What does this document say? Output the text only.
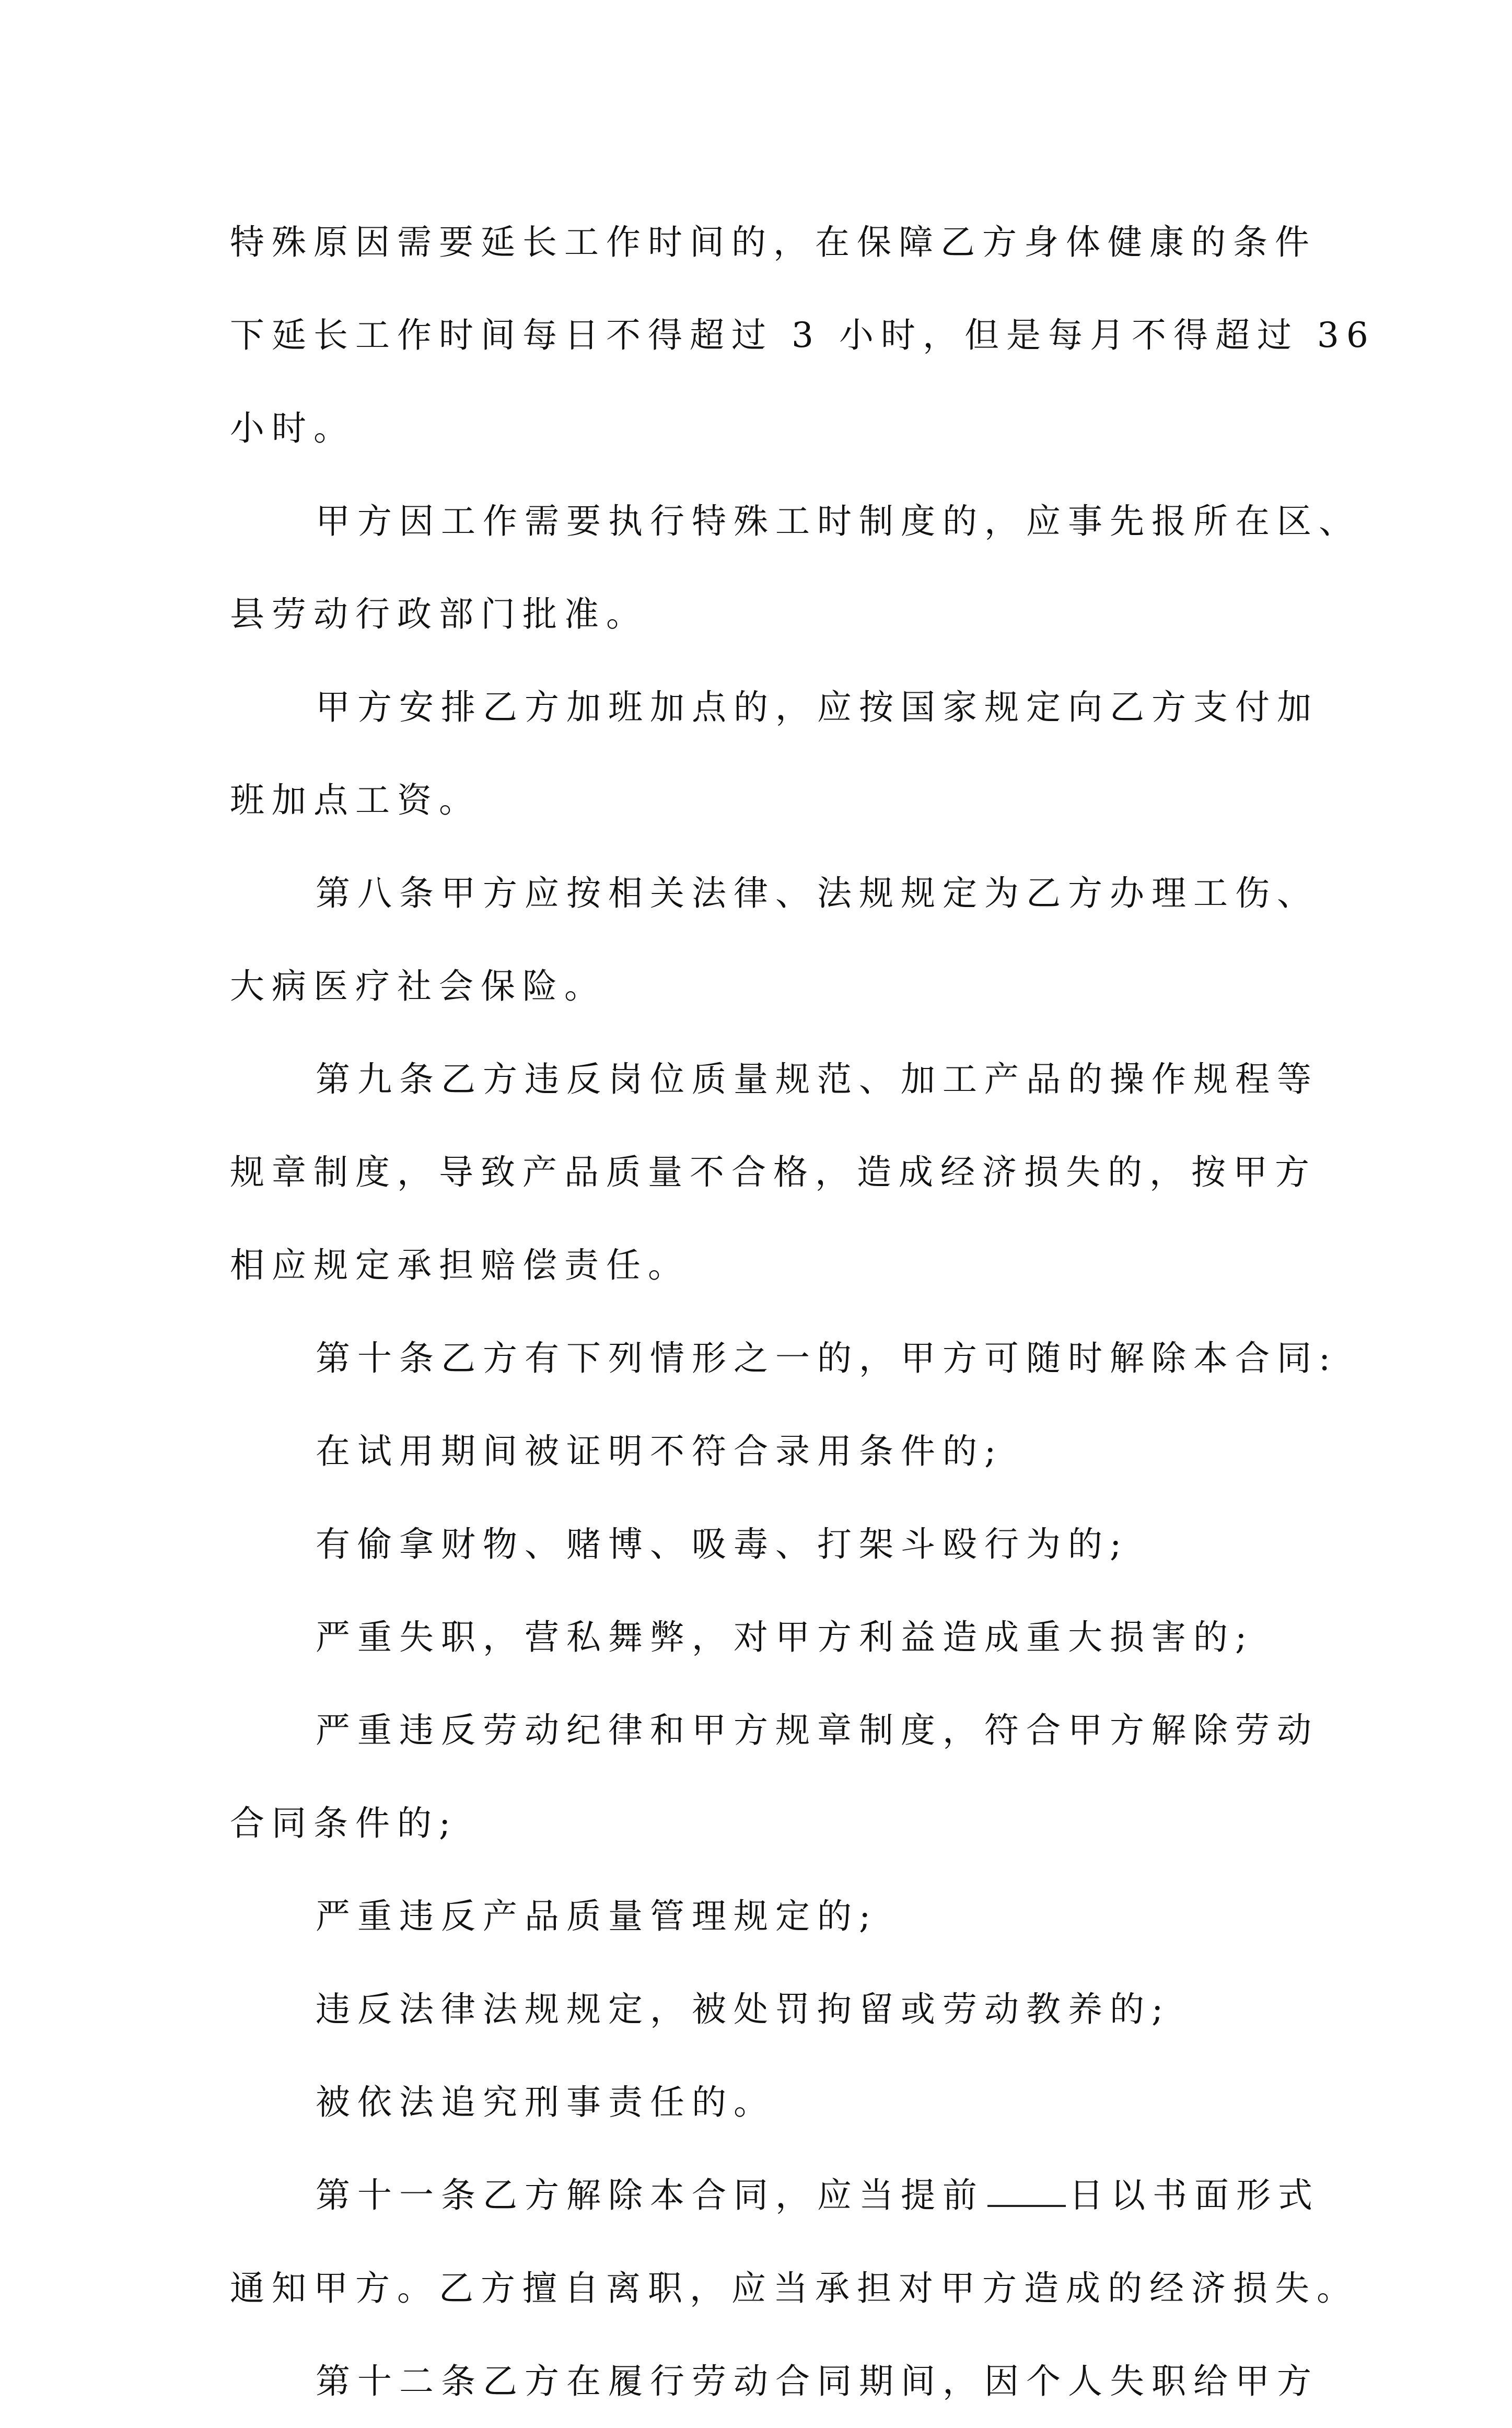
特殊原因需要延长工作时间的，在保障乙方身体健康的条件
下延长工作时间每日不得超过 3 小时，但是每月不得超过 36
小时。
甲方因工作需要执行特殊工时制度的，应事先报所在区、
县劳动行政部门批准。
甲方安排乙方加班加点的，应按国家规定向乙方支付加
班加点工资。
第八条甲方应按相关法律、法规规定为乙方办理工伤、
大病医疗社会保险。
第九条乙方违反岗位质量规范、加工产品的操作规程等
规章制度，导致产品质量不合格，造成经济损失的，按甲方
相应规定承担赔偿责任。
第十条乙方有下列情形之一的，甲方可随时解除本合同:
在试用期间被证明不符合录用条件的;
有偷拿财物、赌博、吸毒、打架斗殴行为的;
严重失职，营私舞弊，对甲方利益造成重大损害的;
严重违反劳动纪律和甲方规章制度，符合甲方解除劳动
合同条件的;
严重违反产品质量管理规定的;
违反法律法规规定，被处罚拘留或劳动教养的;
被依法追究刑事责任的。
第十一条乙方解除本合同，应当提前 日以书面形式
通知甲方。乙方擅自离职，应当承担对甲方造成的经济损失。
第十二条乙方在履行劳动合同期间，因个人失职给甲方
